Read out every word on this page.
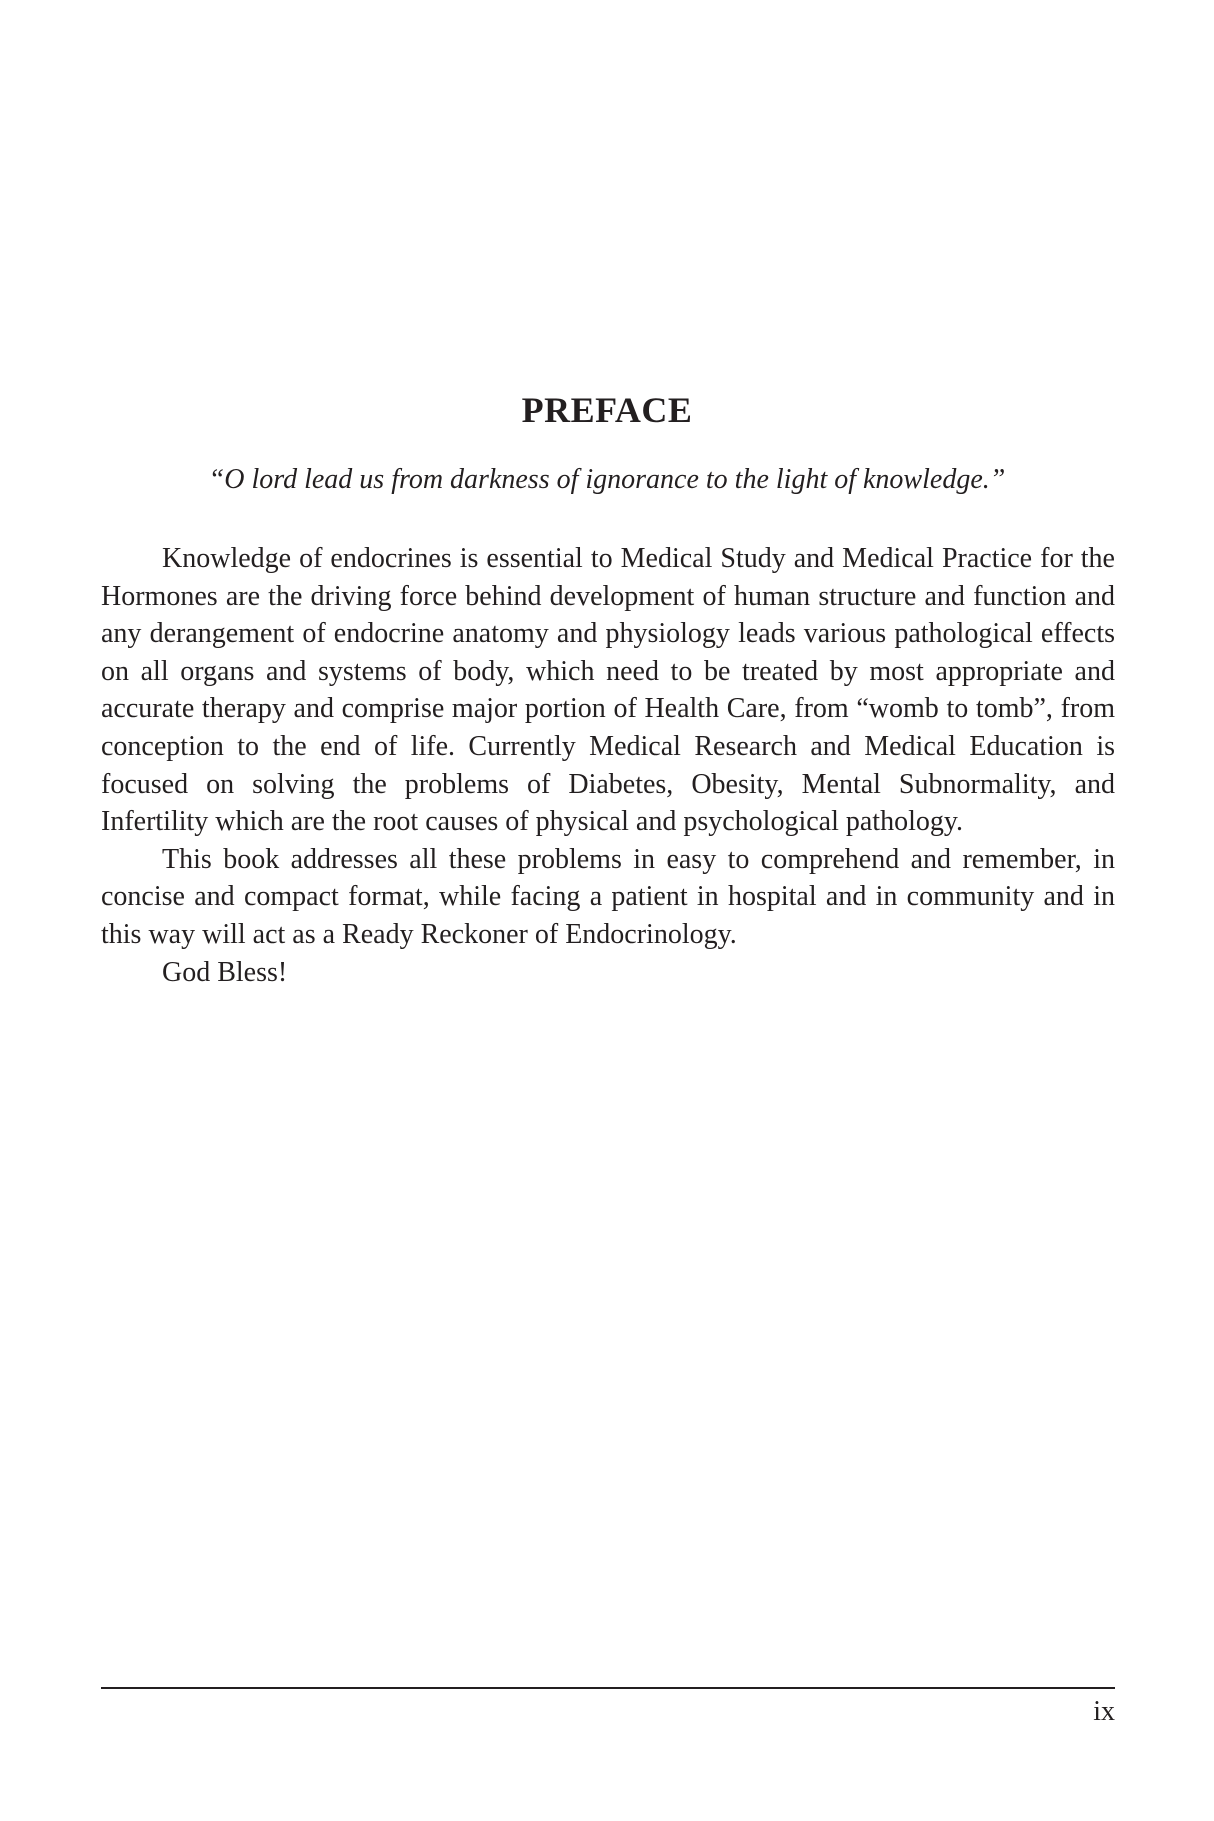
PREFACE

“O lord lead us from darkness of ignorance to the light of knowledge.”

Knowledge of endocrines is essential to Medical Study and Medical Practice for the Hormones are the driving force behind development of human structure and function and any derangement of endocrine anatomy and physiology leads various pathological effects on all organs and systems of body, which need to be treated by most appropriate and accurate therapy and comprise major portion of Health Care, from “womb to tomb”, from conception to the end of life. Currently Medical Research and Medical Education is focused on solving the problems of Diabetes, Obesity, Mental Subnormality, and Infertility which are the root causes of physical and psychological pathology.

This book addresses all these problems in easy to comprehend and remember, in concise and compact format, while facing a patient in hospital and in community and in this way will act as a Ready Reckoner of Endocrinology.

God Bless!

ix
